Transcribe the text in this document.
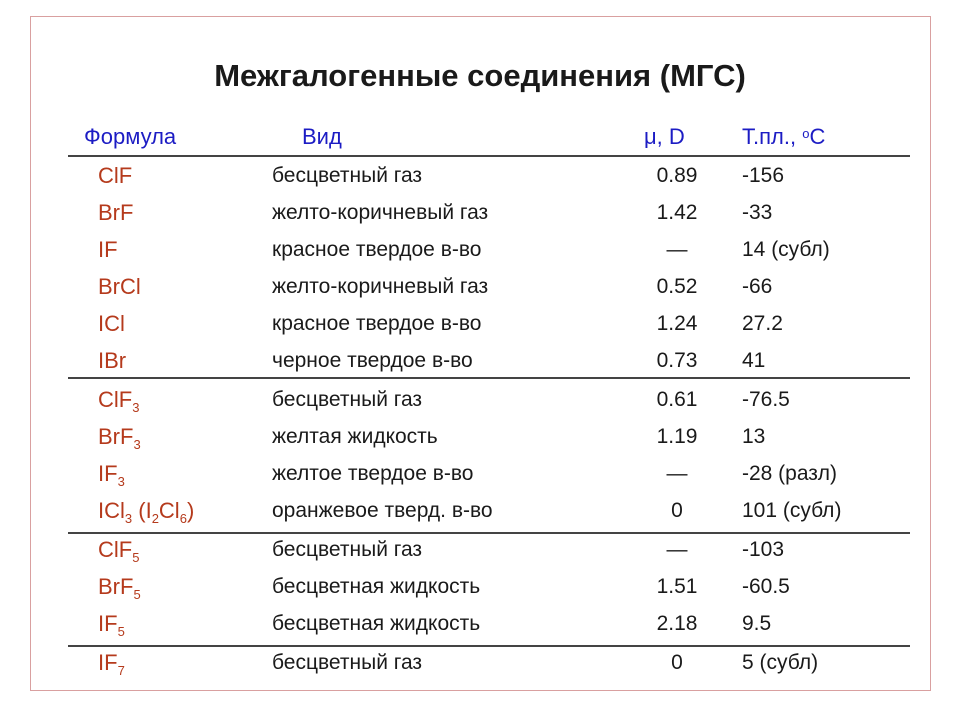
Межгалогенные соединения (МГС)
Формула	Вид	μ, D	Т.пл., $^o$C
ClF	бесцветный газ	0.89	-156
BrF	желто-коричневый газ	1.42	-33
IF	красное твердое в-во	—	14 (субл)
BrCl	желто-коричневый газ	0.52	-66
ICl	красное твердое в-во	1.24	27.2
IBr	черное твердое в-во	0.73	41
ClF$_3$	бесцветный газ	0.61	-76.5
BrF$_3$	желтая жидкость	1.19	13
$IF_3$	желтое твердое в-во	—	-28 (разл)
ICl$_3$ $(I_2Cl_6)$	оранжевое тверд. в-во	0	101 (субл)
ClF$_5$	бесцветный газ	—	-103
BrF$_5$	бесцветная жидкость	1.51	-60.5
$IF_5$	бесцветная жидкость	2.18	9.5
$IF_7$	бесцветный газ	0	5 (субл)
